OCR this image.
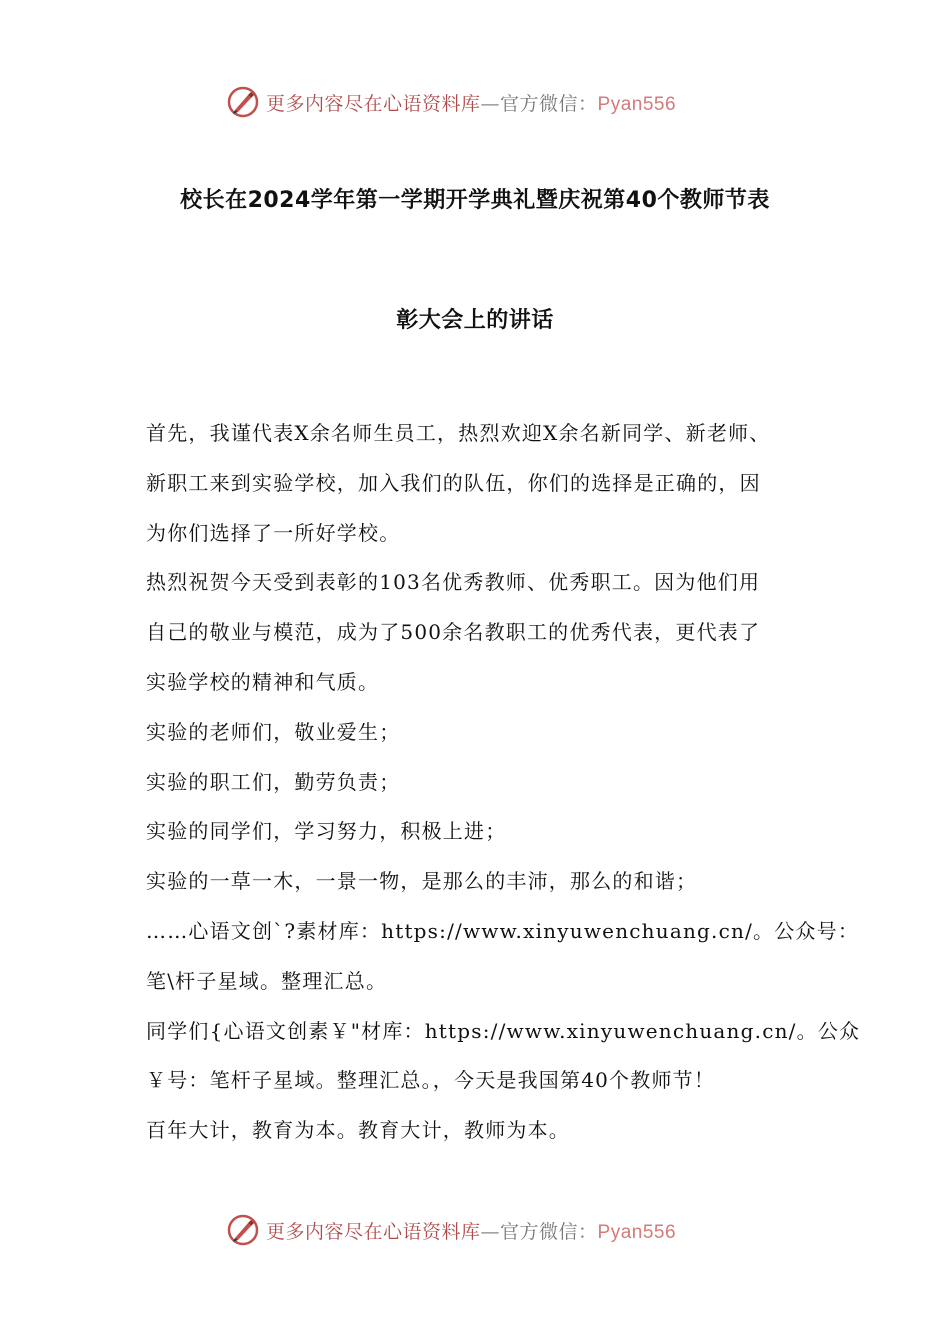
更多内容尽在心语资料库—官方微信：Pyan556
校长在2024学年第一学期开学典礼暨庆祝第40个教师节表
彰大会上的讲话
首先，我谨代表X余名师生员工，热烈欢迎X余名新同学、新老师、
新职工来到实验学校，加入我们的队伍，你们的选择是正确的，因
为你们选择了一所好学校。
热烈祝贺今天受到表彰的103名优秀教师、优秀职工。因为他们用
自己的敬业与模范，成为了500余名教职工的优秀代表，更代表了
实验学校的精神和气质。
实验的老师们，敬业爱生；
实验的职工们，勤劳负责；
实验的同学们，学习努力，积极上进；
实验的一草一木，一景一物，是那么的丰沛，那么的和谐；
……心语文创`?素材库：https://www.xinyuwenchuang.cn/。公众号：
笔\杆子星域。整理汇总。
同学们{心语文创素￥"材库：https://www.xinyuwenchuang.cn/。公众
￥号：笔杆子星域。整理汇总。，今天是我国第40个教师节！
百年大计，教育为本。教育大计，教师为本。
更多内容尽在心语资料库—官方微信：Pyan556
